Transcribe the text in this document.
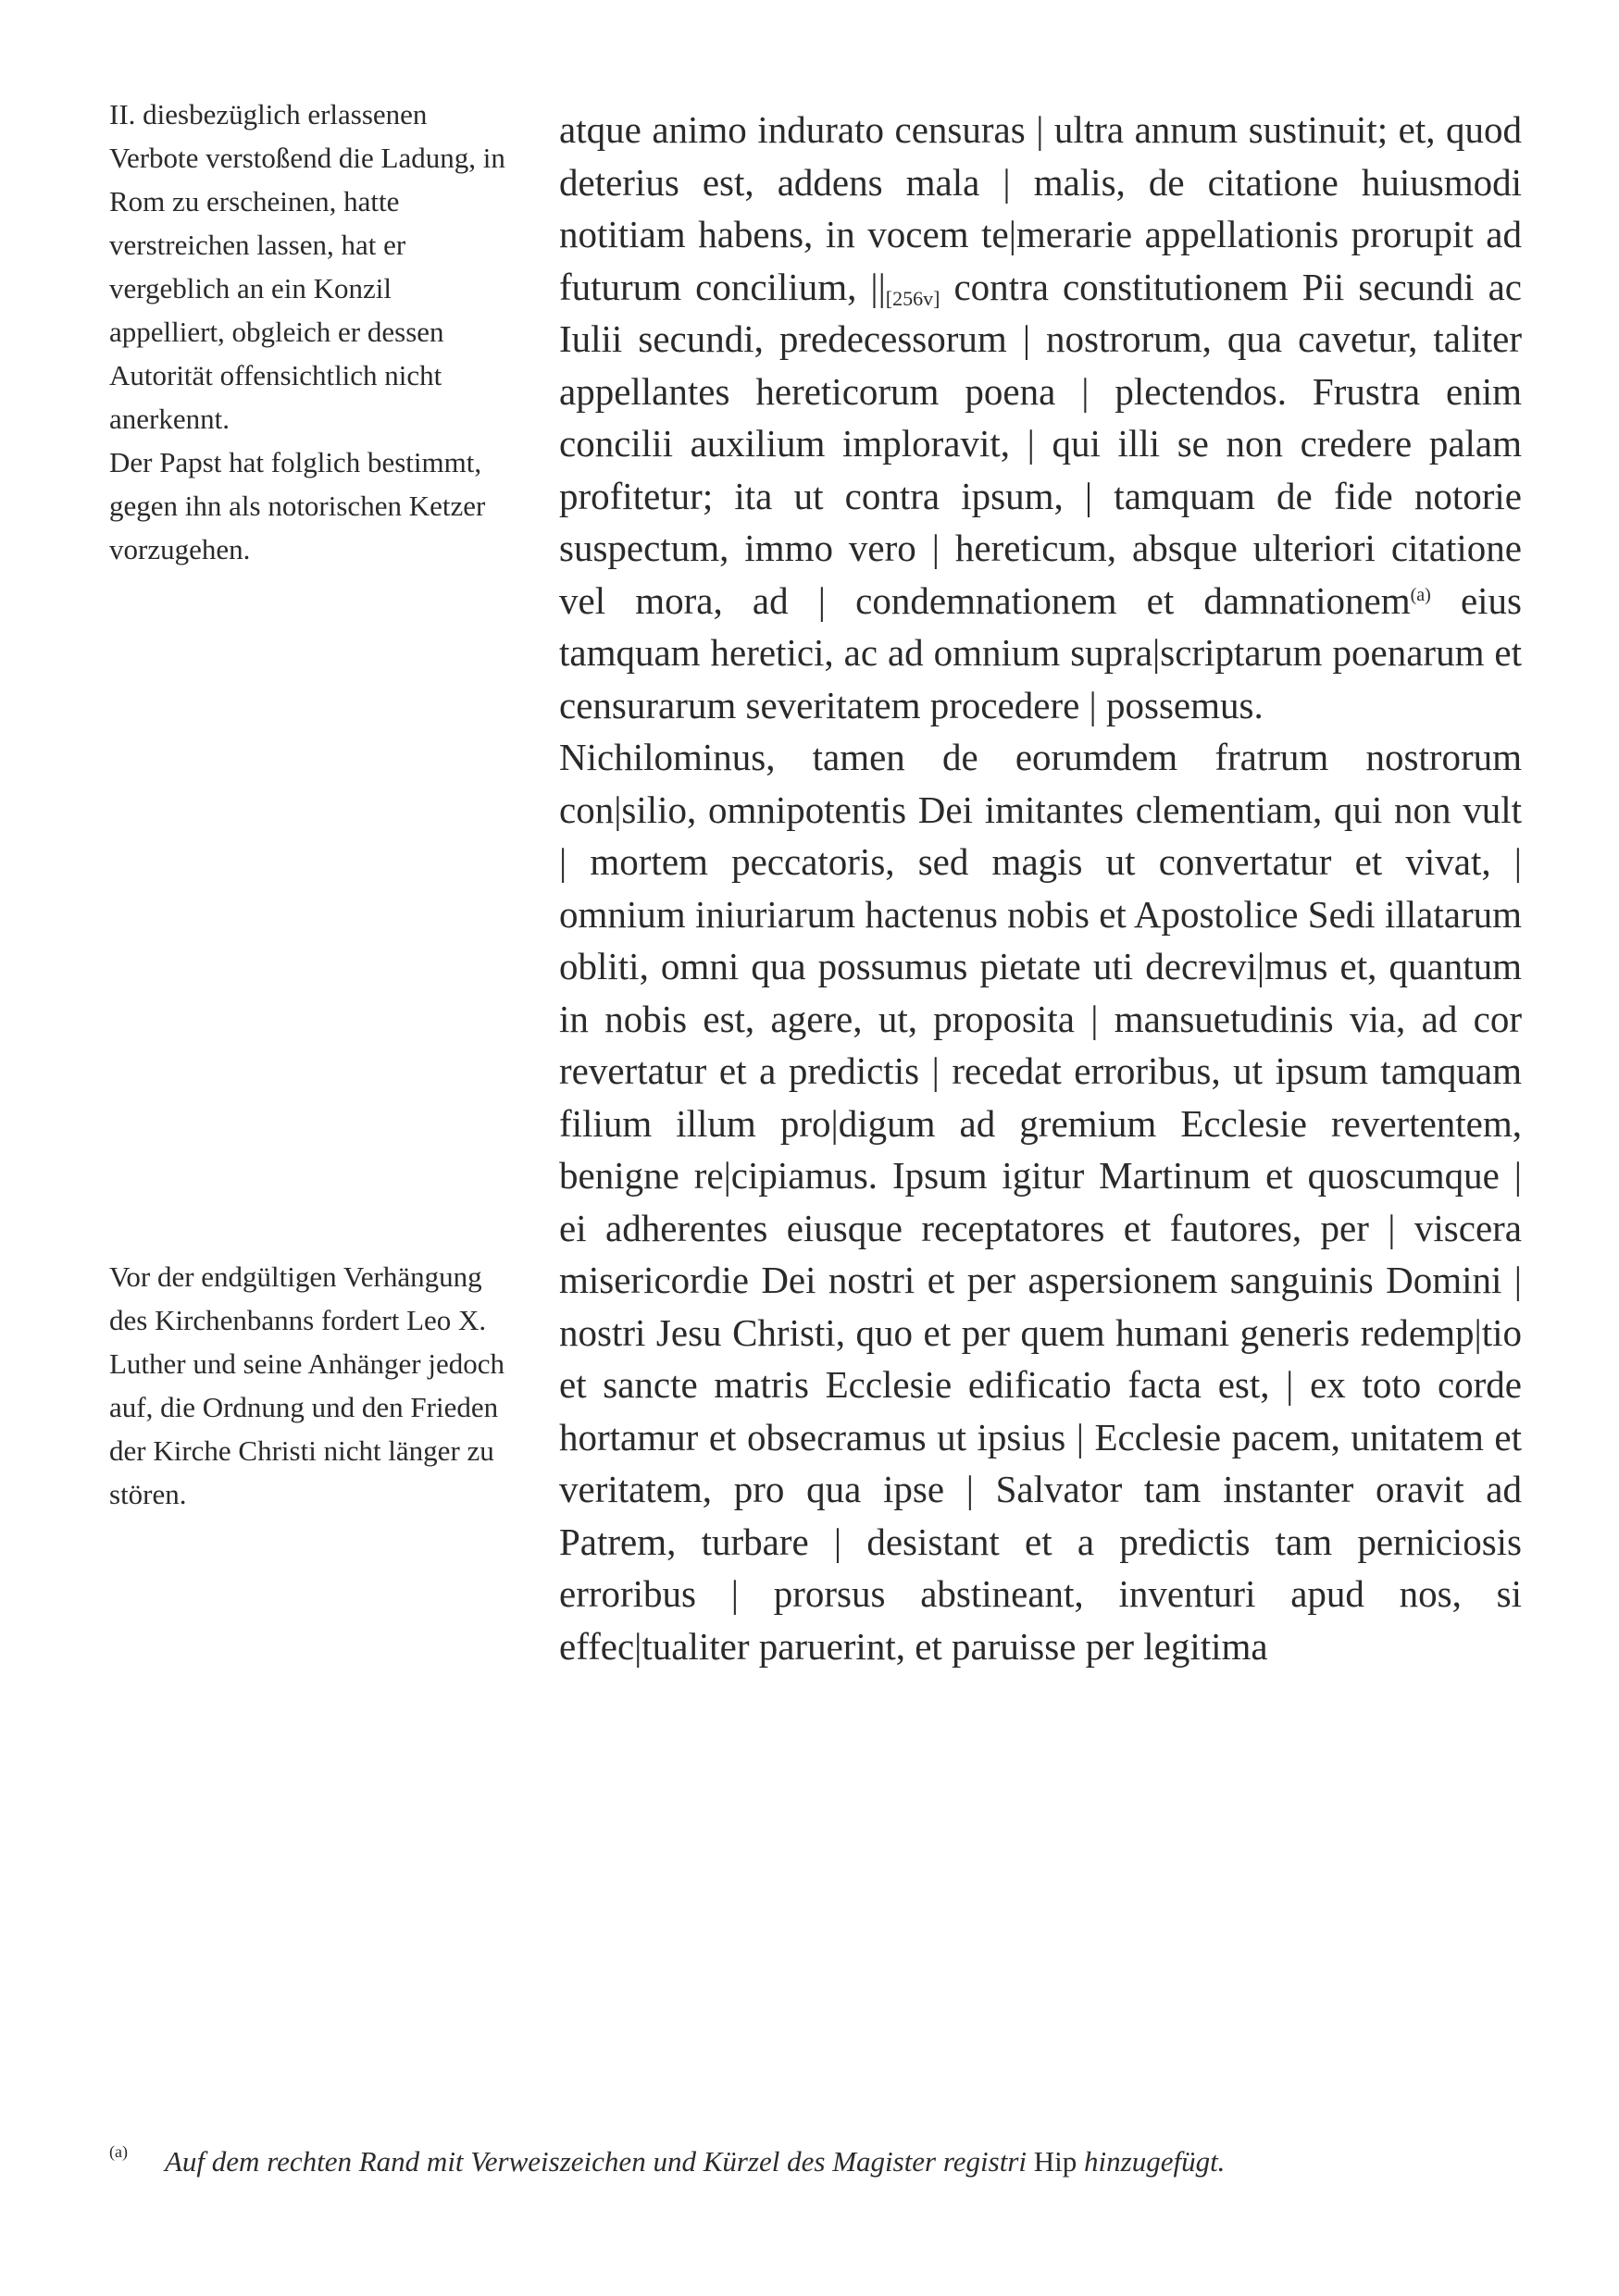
II. diesbezüglich erlassenen Verbote verstoßend die Ladung, in Rom zu erscheinen, hatte verstreichen lassen, hat er vergeblich an ein Konzil appelliert, obgleich er dessen Autorität offensichtlich nicht anerkennt.

Der Papst hat folglich bestimmt, gegen ihn als notorischen Ketzer vorzugehen.

Vor der endgültigen Verhängung des Kirchenbanns fordert Leo X. Luther und seine Anhänger jedoch auf, die Ordnung und den Frieden der Kirche Christi nicht länger zu stören.

atque animo indurato censuras | ultra annum sustinuit; et, quod deterius est, addens mala | malis, de citatione huiusmodi notitiam habens, in vocem te|merarie appellationis prorupit ad futurum concilium, $||_{[256v]}$ contra constitutionem Pii secundi ac Iulii secundi, predecessorum | nostrorum, qua cavetur, taliter appellantes hereticorum poena | plectendos. Frustra enim concilii auxilium imploravit, | qui illi se non credere palam profitetur; ita ut contra ipsum, | tamquam de fide notorie suspectum, immo vero | hereticum, absque ulteriori citatione vel mora, ad | condemnationem et damnationem$^{(a)}$ eius tamquam heretici, ac ad omnium supra|scriptarum poenarum et censurarum severitatem procedere | possemus.

Nichilominus, tamen de eorumdem fratrum nostrorum con|silio, omnipotentis Dei imitantes clementiam, qui non vult | mortem peccatoris, sed magis ut convertatur et vivat, | omnium iniuriarum hactenus nobis et Apostolice Sedi illatarum obliti, omni qua possumus pietate uti decrevi|mus et, quantum in nobis est, agere, ut, proposita | mansuetudinis via, ad cor revertatur et a predictis | recedat erroribus, ut ipsum tamquam filium illum pro|digum ad gremium Ecclesie revertentem, benigne re|cipiamus. Ipsum igitur Martinum et quoscumque | ei adherentes eiusque receptatores et fautores, per | viscera misericordie Dei nostri et per aspersionem sanguinis Domini | nostri Jesu Christi, quo et per quem humani generis redemp|tio et sancte matris Ecclesie edificatio facta est, | ex toto corde hortamur et obsecramus ut ipsius | Ecclesie pacem, unitatem et veritatem, pro qua ipse | Salvator tam instanter oravit ad Patrem, turbare | desistant et a predictis tam perniciosis erroribus | prorsus abstineant, inventuri apud nos, si effec|tualiter paruerint, et paruisse per legitima

(a) Auf dem rechten Rand mit Verweiszeichen und Kürzel des Magister registri Hip hinzugefügt.
